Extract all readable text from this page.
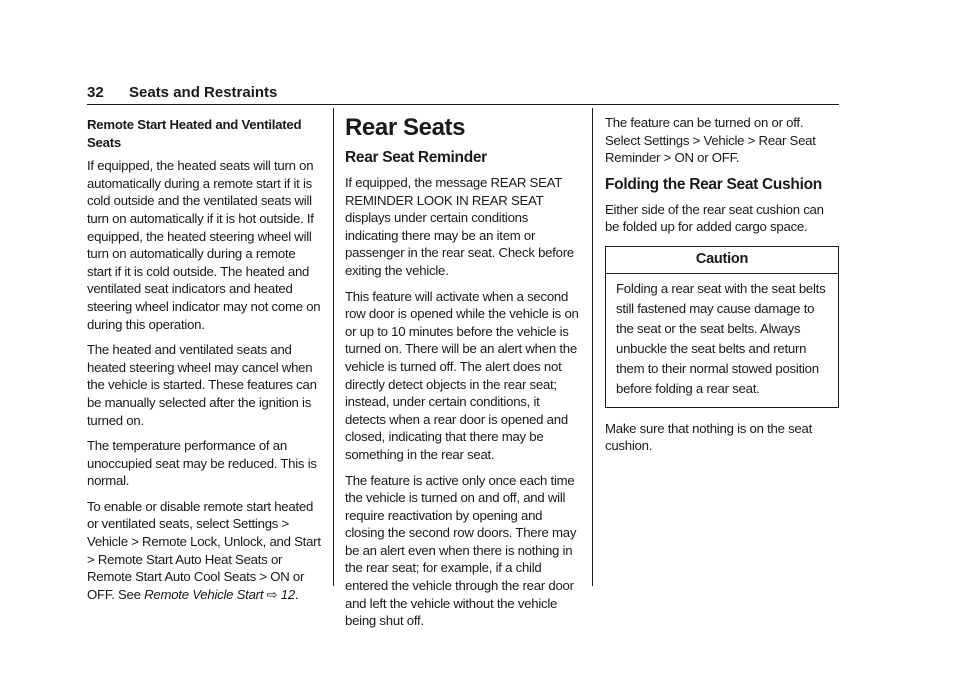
32 Seats and Restraints
Remote Start Heated and Ventilated Seats

If equipped, the heated seats will turn on automatically during a remote start if it is cold outside and the ventilated seats will turn on automatically if it is hot outside. If equipped, the heated steering wheel will turn on automatically during a remote start if it is cold outside. The heated and ventilated seat indicators and heated steering wheel indicator may not come on during this operation.

The heated and ventilated seats and heated steering wheel may cancel when the vehicle is started. These features can be manually selected after the ignition is turned on.

The temperature performance of an unoccupied seat may be reduced. This is normal.

To enable or disable remote start heated or ventilated seats, select Settings > Vehicle > Remote Lock, Unlock, and Start > Remote Start Auto Heat Seats or Remote Start Auto Cool Seats > ON or OFF. See Remote Vehicle Start ⇨ 12.

Rear Seats
Rear Seat Reminder

If equipped, the message REAR SEAT REMINDER LOOK IN REAR SEAT displays under certain conditions indicating there may be an item or passenger in the rear seat. Check before exiting the vehicle.

This feature will activate when a second row door is opened while the vehicle is on or up to 10 minutes before the vehicle is turned on. There will be an alert when the vehicle is turned off. The alert does not directly detect objects in the rear seat; instead, under certain conditions, it detects when a rear door is opened and closed, indicating that there may be something in the rear seat.

The feature is active only once each time the vehicle is turned on and off, and will require reactivation by opening and closing the second row doors. There may be an alert even when there is nothing in the rear seat; for example, if a child entered the vehicle through the rear door and left the vehicle without the vehicle being shut off.

The feature can be turned on or off. Select Settings > Vehicle > Rear Seat Reminder > ON or OFF.

Folding the Rear Seat Cushion

Either side of the rear seat cushion can be folded up for added cargo space.

Caution
Folding a rear seat with the seat belts still fastened may cause damage to the seat or the seat belts. Always unbuckle the seat belts and return them to their normal stowed position before folding a rear seat.

Make sure that nothing is on the seat cushion.
